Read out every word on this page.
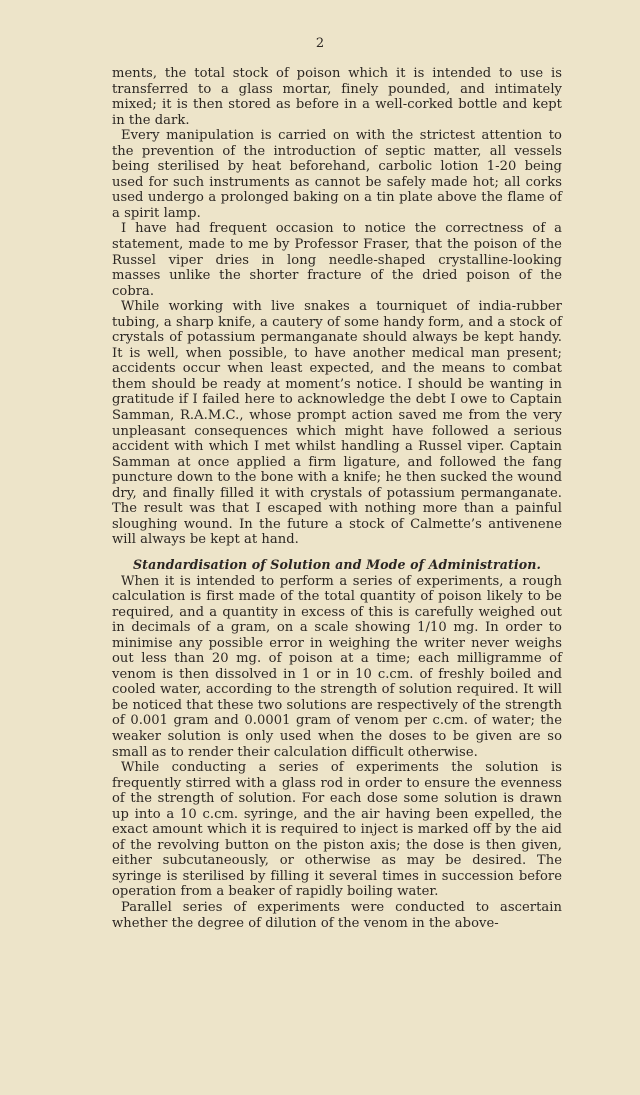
2

ments, the total stock of poison which it is intended to use is transferred to a glass mortar, finely pounded, and intimately mixed; it is then stored as before in a well-corked bottle and kept in the dark.

Every manipulation is carried on with the strictest attention to the prevention of the introduction of septic matter, all vessels being sterilised by heat beforehand, carbolic lotion 1-20 being used for such instruments as cannot be safely made hot; all corks used undergo a prolonged baking on a tin plate above the flame of a spirit lamp.

I have had frequent occasion to notice the correctness of a statement, made to me by Professor Fraser, that the poison of the Russel viper dries in long needle-shaped crystalline-looking masses unlike the shorter fracture of the dried poison of the cobra.

While working with live snakes a tourniquet of india-rubber tubing, a sharp knife, a cautery of some handy form, and a stock of crystals of potassium permanganate should always be kept handy. It is well, when possible, to have another medical man present; accidents occur when least expected, and the means to combat them should be ready at moment’s notice. I should be wanting in gratitude if I failed here to acknowledge the debt I owe to Captain Samman, R.A.M.C., whose prompt action saved me from the very unpleasant consequences which might have followed a serious accident with which I met whilst handling a Russel viper. Captain Samman at once applied a firm ligature, and followed the fang puncture down to the bone with a knife; he then sucked the wound dry, and finally filled it with crystals of potassium permanganate. The result was that I escaped with nothing more than a painful sloughing wound. In the future a stock of Calmette’s antivenene will always be kept at hand.

Standardisation of Solution and Mode of Administration.

When it is intended to perform a series of experiments, a rough calculation is first made of the total quantity of poison likely to be required, and a quantity in excess of this is carefully weighed out in decimals of a gram, on a scale showing 1/10 mg. In order to minimise any possible error in weighing the writer never weighs out less than 20 mg. of poison at a time; each milligramme of venom is then dissolved in 1 or in 10 c.cm. of freshly boiled and cooled water, according to the strength of solution required. It will be noticed that these two solutions are respectively of the strength of 0.001 gram and 0.0001 gram of venom per c.cm. of water; the weaker solution is only used when the doses to be given are so small as to render their calculation difficult otherwise.

While conducting a series of experiments the solution is frequently stirred with a glass rod in order to ensure the evenness of the strength of solution. For each dose some solution is drawn up into a 10 c.cm. syringe, and the air having been expelled, the exact amount which it is required to inject is marked off by the aid of the revolving button on the piston axis; the dose is then given, either subcutaneously, or otherwise as may be desired. The syringe is sterilised by filling it several times in succession before operation from a beaker of rapidly boiling water.

Parallel series of experiments were conducted to ascertain whether the degree of dilution of the venom in the above-
